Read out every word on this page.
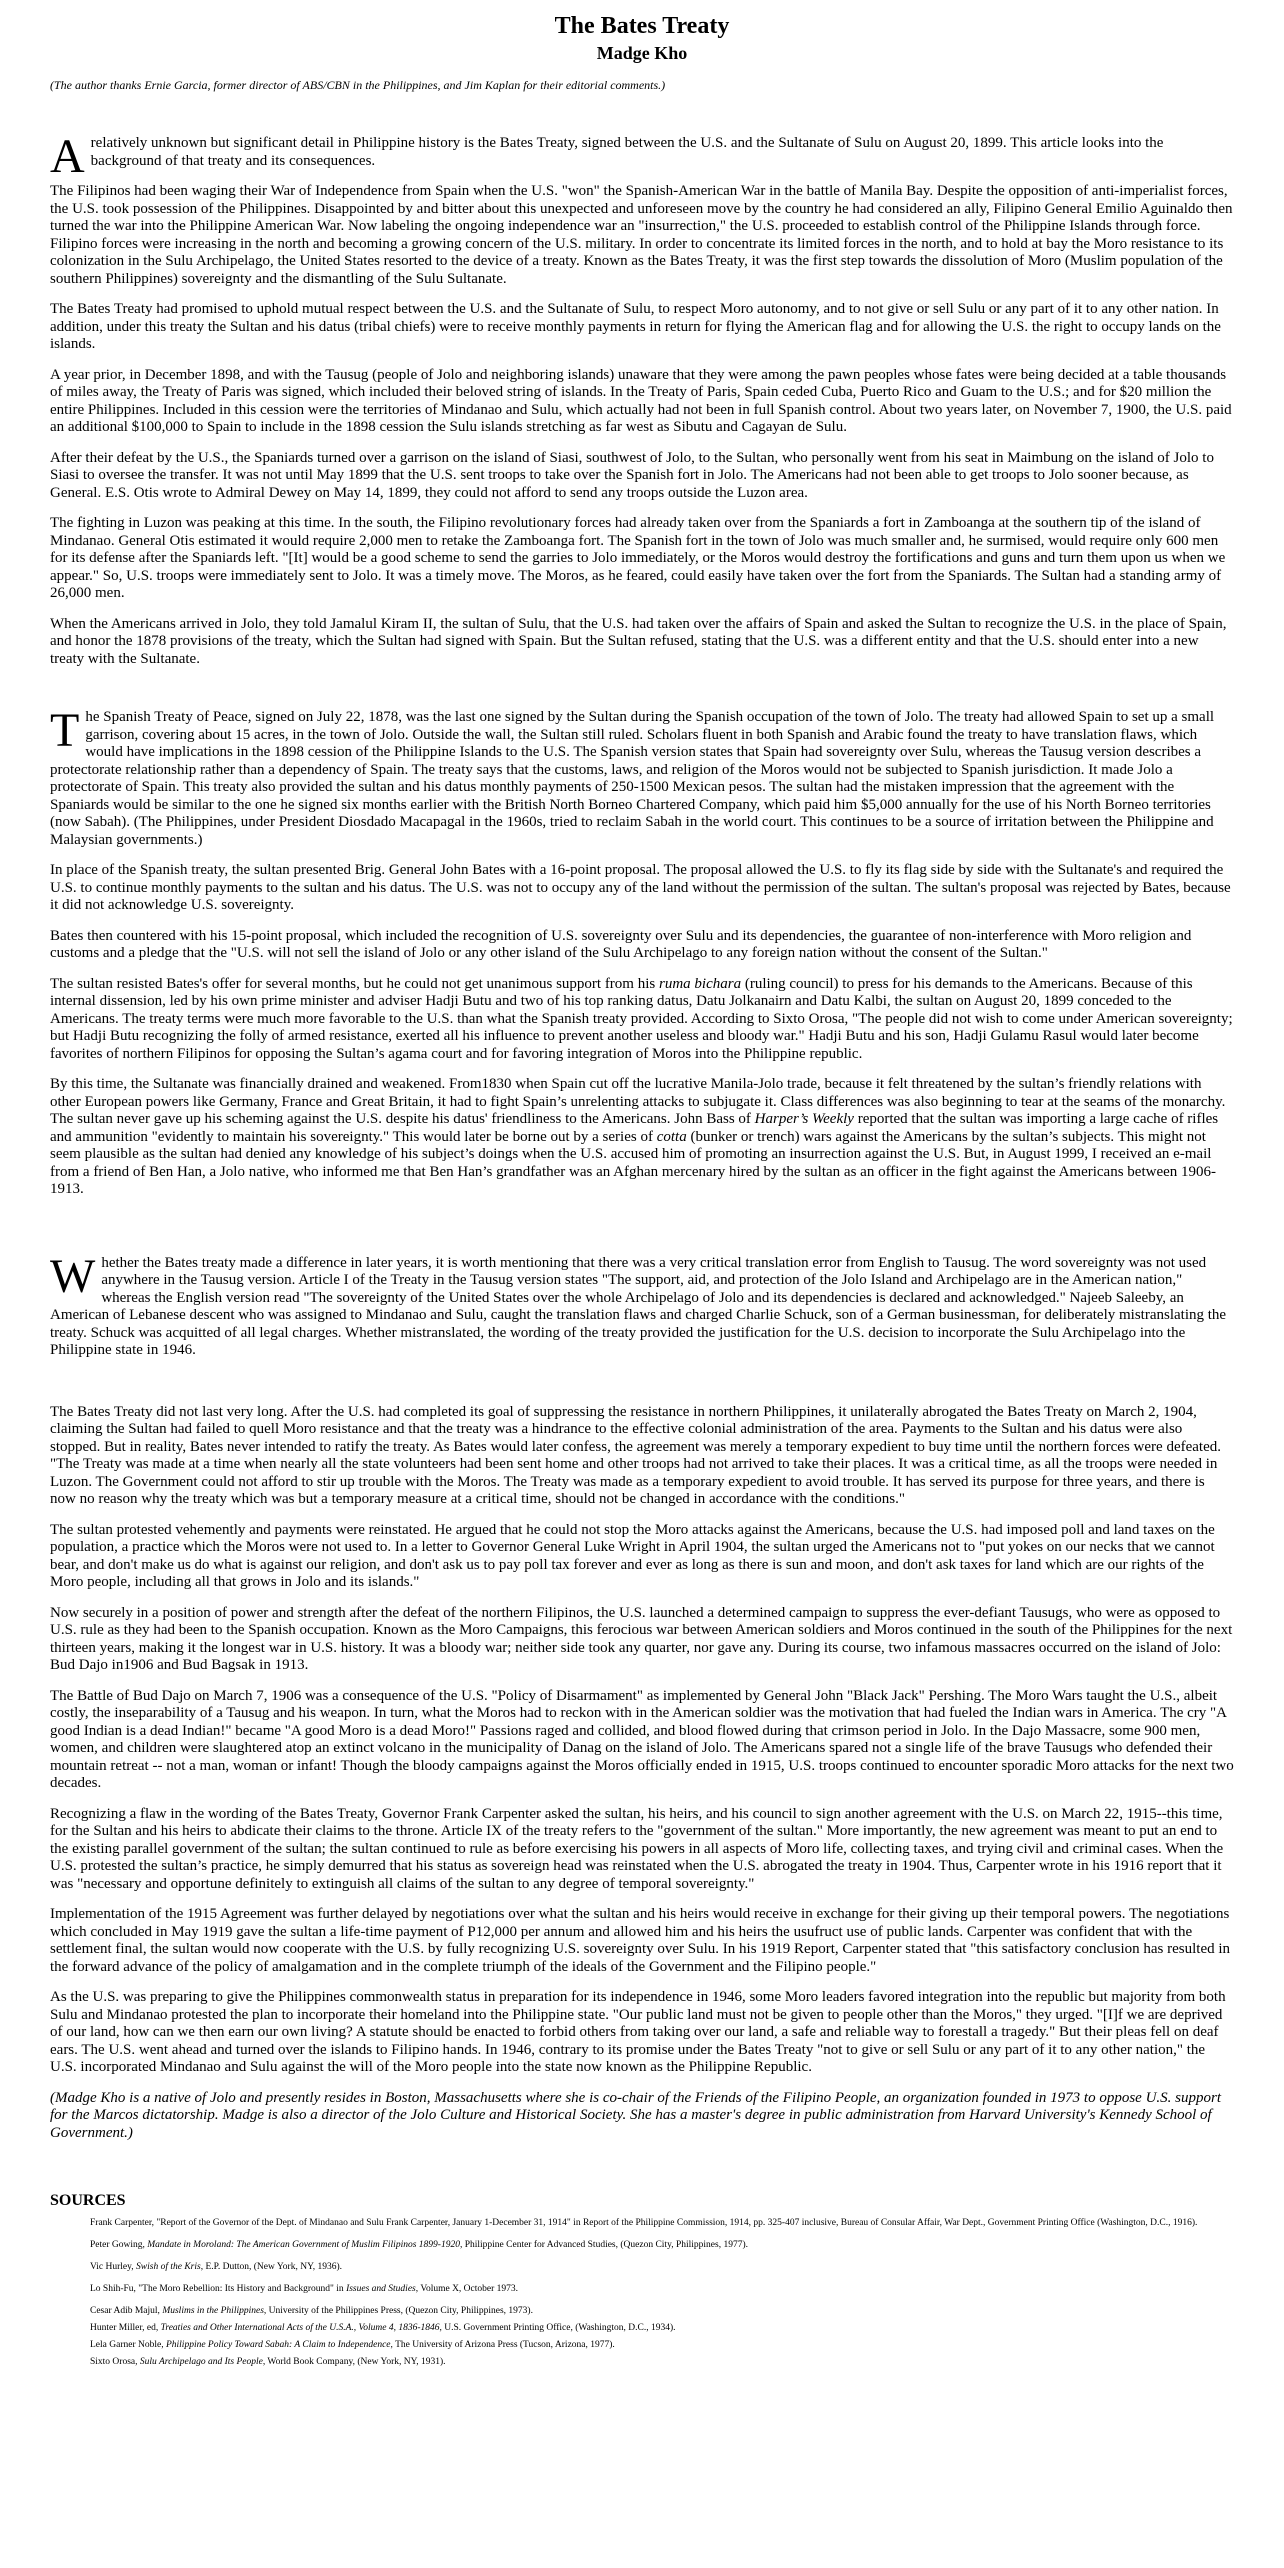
The Bates Treaty
Madge Kho

(The author thanks Ernie Garcia, former director of ABS/CBN in the Philippines, and Jim Kaplan for their editorial comments.)

A relatively unknown but significant detail in Philippine history is the Bates Treaty, signed between the U.S. and the Sultanate of Sulu on August 20, 1899. This article looks into the background of that treaty and its consequences.

The Filipinos had been waging their War of Independence from Spain when the U.S. "won" the Spanish-American War in the battle of Manila Bay. Despite the opposition of anti-imperialist forces, the U.S. took possession of the Philippines. Disappointed by and bitter about this unexpected and unforeseen move by the country he had considered an ally, Filipino General Emilio Aguinaldo then turned the war into the Philippine American War. Now labeling the ongoing independence war an "insurrection," the U.S. proceeded to establish control of the Philippine Islands through force. Filipino forces were increasing in the north and becoming a growing concern of the U.S. military. In order to concentrate its limited forces in the north, and to hold at bay the Moro resistance to its colonization in the Sulu Archipelago, the United States resorted to the device of a treaty. Known as the Bates Treaty, it was the first step towards the dissolution of Moro (Muslim population of the southern Philippines) sovereignty and the dismantling of the Sulu Sultanate.

The Bates Treaty had promised to uphold mutual respect between the U.S. and the Sultanate of Sulu, to respect Moro autonomy, and to not give or sell Sulu or any part of it to any other nation. In addition, under this treaty the Sultan and his datus (tribal chiefs) were to receive monthly payments in return for flying the American flag and for allowing the U.S. the right to occupy lands on the islands.

A year prior, in December 1898, and with the Tausug (people of Jolo and neighboring islands) unaware that they were among the pawn peoples whose fates were being decided at a table thousands of miles away, the Treaty of Paris was signed, which included their beloved string of islands. In the Treaty of Paris, Spain ceded Cuba, Puerto Rico and Guam to the U.S.; and for $20 million the entire Philippines. Included in this cession were the territories of Mindanao and Sulu, which actually had not been in full Spanish control. About two years later, on November 7, 1900, the U.S. paid an additional $100,000 to Spain to include in the 1898 cession the Sulu islands stretching as far west as Sibutu and Cagayan de Sulu.

After their defeat by the U.S., the Spaniards turned over a garrison on the island of Siasi, southwest of Jolo, to the Sultan, who personally went from his seat in Maimbung on the island of Jolo to Siasi to oversee the transfer. It was not until May 1899 that the U.S. sent troops to take over the Spanish fort in Jolo. The Americans had not been able to get troops to Jolo sooner because, as General. E.S. Otis wrote to Admiral Dewey on May 14, 1899, they could not afford to send any troops outside the Luzon area.

The fighting in Luzon was peaking at this time. In the south, the Filipino revolutionary forces had already taken over from the Spaniards a fort in Zamboanga at the southern tip of the island of Mindanao. General Otis estimated it would require 2,000 men to retake the Zamboanga fort. The Spanish fort in the town of Jolo was much smaller and, he surmised, would require only 600 men for its defense after the Spaniards left. "[It] would be a good scheme to send the garries to Jolo immediately, or the Moros would destroy the fortifications and guns and turn them upon us when we appear." So, U.S. troops were immediately sent to Jolo. It was a timely move. The Moros, as he feared, could easily have taken over the fort from the Spaniards. The Sultan had a standing army of 26,000 men.

When the Americans arrived in Jolo, they told Jamalul Kiram II, the sultan of Sulu, that the U.S. had taken over the affairs of Spain and asked the Sultan to recognize the U.S. in the place of Spain, and honor the 1878 provisions of the treaty, which the Sultan had signed with Spain. But the Sultan refused, stating that the U.S. was a different entity and that the U.S. should enter into a new treaty with the Sultanate.

T he Spanish Treaty of Peace, signed on July 22, 1878, was the last one signed by the Sultan during the Spanish occupation of the town of Jolo. The treaty had allowed Spain to set up a small garrison, covering about 15 acres, in the town of Jolo. Outside the wall, the Sultan still ruled. Scholars fluent in both Spanish and Arabic found the treaty to have translation flaws, which would have implications in the 1898 cession of the Philippine Islands to the U.S. The Spanish version states that Spain had sovereignty over Sulu, whereas the Tausug version describes a protectorate relationship rather than a dependency of Spain. The treaty says that the customs, laws, and religion of the Moros would not be subjected to Spanish jurisdiction. It made Jolo a protectorate of Spain. This treaty also provided the sultan and his datus monthly payments of 250-1500 Mexican pesos. The sultan had the mistaken impression that the agreement with the Spaniards would be similar to the one he signed six months earlier with the British North Borneo Chartered Company, which paid him $5,000 annually for the use of his North Borneo territories (now Sabah). (The Philippines, under President Diosdado Macapagal in the 1960s, tried to reclaim Sabah in the world court. This continues to be a source of irritation between the Philippine and Malaysian governments.)

In place of the Spanish treaty, the sultan presented Brig. General John Bates with a 16-point proposal. The proposal allowed the U.S. to fly its flag side by side with the Sultanate's and required the U.S. to continue monthly payments to the sultan and his datus. The U.S. was not to occupy any of the land without the permission of the sultan. The sultan's proposal was rejected by Bates, because it did not acknowledge U.S. sovereignty.

Bates then countered with his 15-point proposal, which included the recognition of U.S. sovereignty over Sulu and its dependencies, the guarantee of non-interference with Moro religion and customs and a pledge that the "U.S. will not sell the island of Jolo or any other island of the Sulu Archipelago to any foreign nation without the consent of the Sultan."

The sultan resisted Bates's offer for several months, but he could not get unanimous support from his ruma bichara (ruling council) to press for his demands to the Americans. Because of this internal dissension, led by his own prime minister and adviser Hadji Butu and two of his top ranking datus, Datu Jolkanairn and Datu Kalbi, the sultan on August 20, 1899 conceded to the Americans. The treaty terms were much more favorable to the U.S. than what the Spanish treaty provided. According to Sixto Orosa, "The people did not wish to come under American sovereignty; but Hadji Butu recognizing the folly of armed resistance, exerted all his influence to prevent another useless and bloody war." Hadji Butu and his son, Hadji Gulamu Rasul would later become favorites of northern Filipinos for opposing the Sultan’s agama court and for favoring integration of Moros into the Philippine republic.

By this time, the Sultanate was financially drained and weakened. From1830 when Spain cut off the lucrative Manila-Jolo trade, because it felt threatened by the sultan’s friendly relations with other European powers like Germany, France and Great Britain, it had to fight Spain’s unrelenting attacks to subjugate it. Class differences was also beginning to tear at the seams of the monarchy. The sultan never gave up his scheming against the U.S. despite his datus' friendliness to the Americans. John Bass of Harper’s Weekly reported that the sultan was importing a large cache of rifles and ammunition "evidently to maintain his sovereignty." This would later be borne out by a series of cotta (bunker or trench) wars against the Americans by the sultan’s subjects. This might not seem plausible as the sultan had denied any knowledge of his subject’s doings when the U.S. accused him of promoting an insurrection against the U.S. But, in August 1999, I received an e-mail from a friend of Ben Han, a Jolo native, who informed me that Ben Han’s grandfather was an Afghan mercenary hired by the sultan as an officer in the fight against the Americans between 1906-1913.

W hether the Bates treaty made a difference in later years, it is worth mentioning that there was a very critical translation error from English to Tausug. The word sovereignty was not used anywhere in the Tausug version. Article I of the Treaty in the Tausug version states "The support, aid, and protection of the Jolo Island and Archipelago are in the American nation," whereas the English version read "The sovereignty of the United States over the whole Archipelago of Jolo and its dependencies is declared and acknowledged." Najeeb Saleeby, an American of Lebanese descent who was assigned to Mindanao and Sulu, caught the translation flaws and charged Charlie Schuck, son of a German businessman, for deliberately mistranslating the treaty. Schuck was acquitted of all legal charges. Whether mistranslated, the wording of the treaty provided the justification for the U.S. decision to incorporate the Sulu Archipelago into the Philippine state in 1946.

The Bates Treaty did not last very long. After the U.S. had completed its goal of suppressing the resistance in northern Philippines, it unilaterally abrogated the Bates Treaty on March 2, 1904, claiming the Sultan had failed to quell Moro resistance and that the treaty was a hindrance to the effective colonial administration of the area. Payments to the Sultan and his datus were also stopped. But in reality, Bates never intended to ratify the treaty. As Bates would later confess, the agreement was merely a temporary expedient to buy time until the northern forces were defeated. "The Treaty was made at a time when nearly all the state volunteers had been sent home and other troops had not arrived to take their places. It was a critical time, as all the troops were needed in Luzon. The Government could not afford to stir up trouble with the Moros. The Treaty was made as a temporary expedient to avoid trouble. It has served its purpose for three years, and there is now no reason why the treaty which was but a temporary measure at a critical time, should not be changed in accordance with the conditions."

The sultan protested vehemently and payments were reinstated. He argued that he could not stop the Moro attacks against the Americans, because the U.S. had imposed poll and land taxes on the population, a practice which the Moros were not used to. In a letter to Governor General Luke Wright in April 1904, the sultan urged the Americans not to "put yokes on our necks that we cannot bear, and don't make us do what is against our religion, and don't ask us to pay poll tax forever and ever as long as there is sun and moon, and don't ask taxes for land which are our rights of the Moro people, including all that grows in Jolo and its islands."

Now securely in a position of power and strength after the defeat of the northern Filipinos, the U.S. launched a determined campaign to suppress the ever-defiant Tausugs, who were as opposed to U.S. rule as they had been to the Spanish occupation. Known as the Moro Campaigns, this ferocious war between American soldiers and Moros continued in the south of the Philippines for the next thirteen years, making it the longest war in U.S. history. It was a bloody war; neither side took any quarter, nor gave any. During its course, two infamous massacres occurred on the island of Jolo: Bud Dajo in1906 and Bud Bagsak in 1913.

The Battle of Bud Dajo on March 7, 1906 was a consequence of the U.S. "Policy of Disarmament" as implemented by General John "Black Jack" Pershing. The Moro Wars taught the U.S., albeit costly, the inseparability of a Tausug and his weapon. In turn, what the Moros had to reckon with in the American soldier was the motivation that had fueled the Indian wars in America. The cry "A good Indian is a dead Indian!" became "A good Moro is a dead Moro!" Passions raged and collided, and blood flowed during that crimson period in Jolo. In the Dajo Massacre, some 900 men, women, and children were slaughtered atop an extinct volcano in the municipality of Danag on the island of Jolo. The Americans spared not a single life of the brave Tausugs who defended their mountain retreat -- not a man, woman or infant! Though the bloody campaigns against the Moros officially ended in 1915, U.S. troops continued to encounter sporadic Moro attacks for the next two decades.

Recognizing a flaw in the wording of the Bates Treaty, Governor Frank Carpenter asked the sultan, his heirs, and his council to sign another agreement with the U.S. on March 22, 1915--this time, for the Sultan and his heirs to abdicate their claims to the throne. Article IX of the treaty refers to the "government of the sultan." More importantly, the new agreement was meant to put an end to the existing parallel government of the sultan; the sultan continued to rule as before exercising his powers in all aspects of Moro life, collecting taxes, and trying civil and criminal cases. When the U.S. protested the sultan’s practice, he simply demurred that his status as sovereign head was reinstated when the U.S. abrogated the treaty in 1904. Thus, Carpenter wrote in his 1916 report that it was "necessary and opportune definitely to extinguish all claims of the sultan to any degree of temporal sovereignty."

Implementation of the 1915 Agreement was further delayed by negotiations over what the sultan and his heirs would receive in exchange for their giving up their temporal powers. The negotiations which concluded in May 1919 gave the sultan a life-time payment of P12,000 per annum and allowed him and his heirs the usufruct use of public lands. Carpenter was confident that with the settlement final, the sultan would now cooperate with the U.S. by fully recognizing U.S. sovereignty over Sulu. In his 1919 Report, Carpenter stated that "this satisfactory conclusion has resulted in the forward advance of the policy of amalgamation and in the complete triumph of the ideals of the Government and the Filipino people."

As the U.S. was preparing to give the Philippines commonwealth status in preparation for its independence in 1946, some Moro leaders favored integration into the republic but majority from both Sulu and Mindanao protested the plan to incorporate their homeland into the Philippine state. "Our public land must not be given to people other than the Moros," they urged. "[I]f we are deprived of our land, how can we then earn our own living? A statute should be enacted to forbid others from taking over our land, a safe and reliable way to forestall a tragedy." But their pleas fell on deaf ears. The U.S. went ahead and turned over the islands to Filipino hands. In 1946, contrary to its promise under the Bates Treaty "not to give or sell Sulu or any part of it to any other nation," the U.S. incorporated Mindanao and Sulu against the will of the Moro people into the state now known as the Philippine Republic.

(Madge Kho is a native of Jolo and presently resides in Boston, Massachusetts where she is co-chair of the Friends of the Filipino People, an organization founded in 1973 to oppose U.S. support for the Marcos dictatorship. Madge is also a director of the Jolo Culture and Historical Society. She has a master's degree in public administration from Harvard University's Kennedy School of Government.)

SOURCES
Frank Carpenter, "Report of the Governor of the Dept. of Mindanao and Sulu Frank Carpenter, January 1-December 31, 1914" in Report of the Philippine Commission, 1914, pp. 325-407 inclusive, Bureau of Consular Affair, War Dept., Government Printing Office (Washington, D.C., 1916).
Peter Gowing, Mandate in Moroland: The American Government of Muslim Filipinos 1899-1920, Philippine Center for Advanced Studies, (Quezon City, Philippines, 1977).
Vic Hurley, Swish of the Kris, E.P. Dutton, (New York, NY, 1936).
Lo Shih-Fu, "The Moro Rebellion: Its History and Background" in Issues and Studies, Volume X, October 1973.
Cesar Adib Majul, Muslims in the Philippines, University of the Philippines Press, (Quezon City, Philippines, 1973).
Hunter Miller, ed, Treaties and Other International Acts of the U.S.A., Volume 4, 1836-1846, U.S. Government Printing Office, (Washington, D.C., 1934).
Lela Garner Noble, Philippine Policy Toward Sabah: A Claim to Independence, The University of Arizona Press (Tucson, Arizona, 1977).
Sixto Orosa, Sulu Archipelago and Its People, World Book Company, (New York, NY, 1931).
